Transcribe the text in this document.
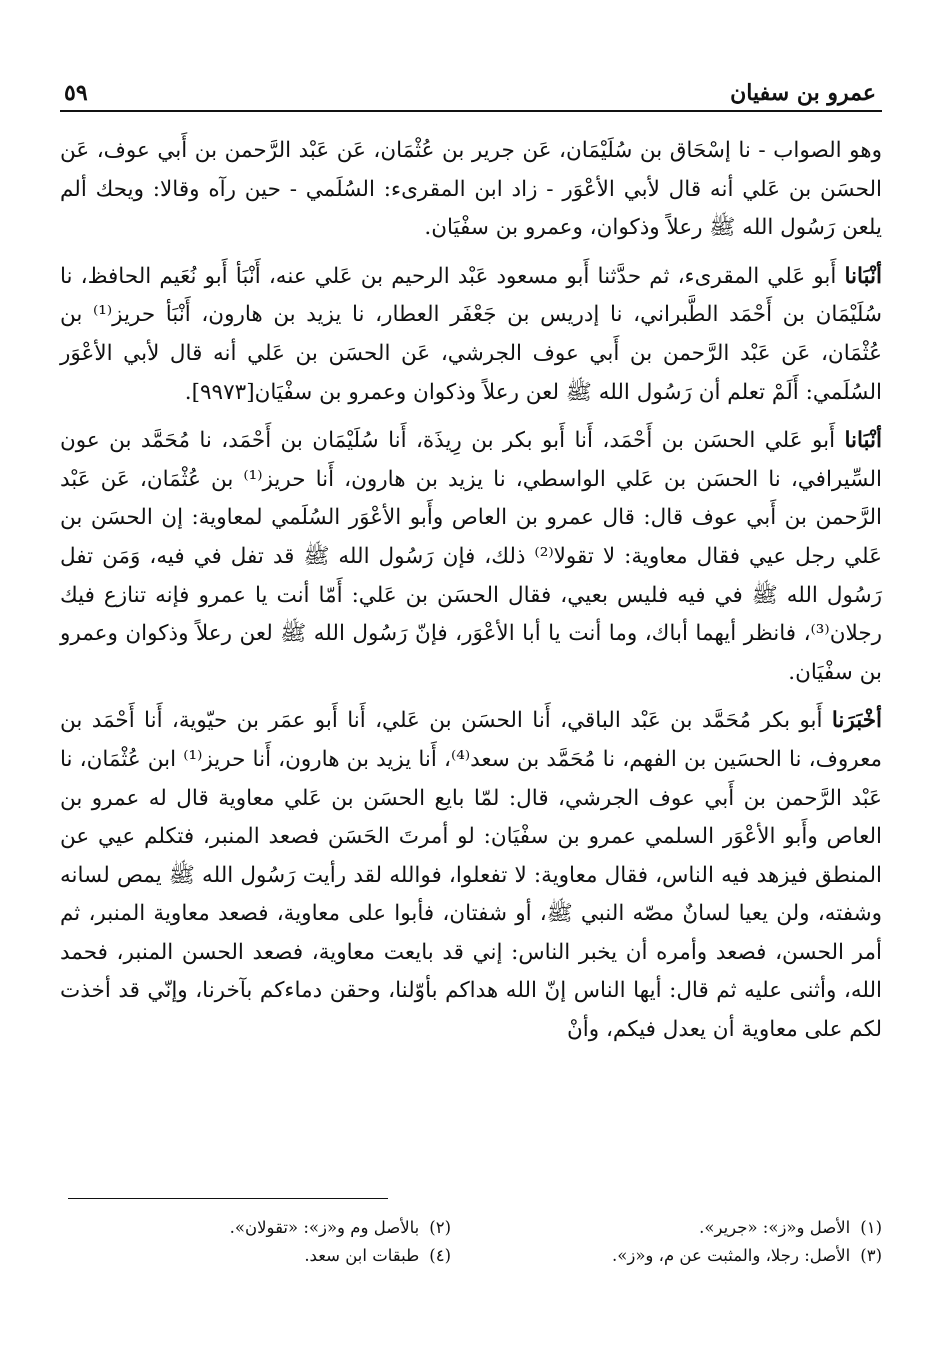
عمرو بن سفيان
٥٩

وهو الصواب - نا إسْحَاق بن سُلَيْمَان، عَن جرير بن عُثْمَان، عَن عَبْد الرَّحمن بن أَبي عوف، عَن الحسَن بن عَلي أنه قال لأبي الأعْوَر - زاد ابن المقرىء: السُلَمي - حين رآه وقالا: ويحك ألم يلعن رَسُول الله ﷺ رعلاً وذكوان، وعمرو بن سفْيَان.

أنْبَانا أَبو عَلي المقرىء، ثم حدَّثنا أَبو مسعود عَبْد الرحيم بن عَلي عنه، أَنْبَأ أَبو نُعَيم الحافظ، نا سُلَيْمَان بن أَحْمَد الطَّبراني، نا إدريس بن جَعْفَر العطار، نا يزيد بن هارون، أَنْبَأ حريز⁽¹⁾ بن عُثْمَان، عَن عَبْد الرَّحمن بن أَبي عوف الجرشي، عَن الحسَن بن عَلي أنه قال لأبي الأعْوَر السُلَمي: أَلَمْ تعلم أن رَسُول الله ﷺ لعن رعلاً وذكوان وعمرو بن سفْيَان[٩٩٧٣].

أنْبَانا أَبو عَلي الحسَن بن أَحْمَد، أَنا أَبو بكر بن رِيذَة، أَنا سُلَيْمَان بن أَحْمَد، نا مُحَمَّد بن عون السِّيرافي، نا الحسَن بن عَلي الواسطي، نا يزيد بن هارون، أَنا حريز⁽¹⁾ بن عُثْمَان، عَن عَبْد الرَّحمن بن أَبي عوف قال: قال عمرو بن العاص وأَبو الأعْوَر السُلَمي لمعاوية: إن الحسَن بن عَلي رجل عيي فقال معاوية: لا تقولا⁽²⁾ ذلك، فإن رَسُول الله ﷺ قد تفل في فيه، وَمَن تفل رَسُول الله ﷺ في فيه فليس بعيي، فقال الحسَن بن عَلي: أَمّا أنت يا عمرو فإنه تنازع فيك رجلان⁽³⁾، فانظر أيهما أباك، وما أنت يا أبا الأعْوَر، فإنّ رَسُول الله ﷺ لعن رعلاً وذكوان وعمرو بن سفْيَان.

أخْبَرَنا أَبو بكر مُحَمَّد بن عَبْد الباقي، أَنا الحسَن بن عَلي، أَنا أَبو عمَر بن حيّوية، أَنا أَحْمَد بن معروف، نا الحسَين بن الفهم، نا مُحَمَّد بن سعد⁽⁴⁾، أَنا يزيد بن هارون، أَنا حريز⁽¹⁾ ابن عُثْمَان، نا عَبْد الرَّحمن بن أَبي عوف الجرشي، قال: لمّا بايع الحسَن بن عَلي معاوية قال له عمرو بن العاص وأَبو الأعْوَر السلمي عمرو بن سفْيَان: لو أمرتَ الحَسَن فصعد المنبر، فتكلم عيي عن المنطق فيزهد فيه الناس، فقال معاوية: لا تفعلوا، فوالله لقد رأيت رَسُول الله ﷺ يمص لسانه وشفته، ولن يعيا لسانٌ مصّه النبي ﷺ، أو شفتان، فأبوا على معاوية، فصعد معاوية المنبر، ثم أمر الحسن، فصعد وأمره أن يخبر الناس: إني قد بايعت معاوية، فصعد الحسن المنبر، فحمد الله، وأثنى عليه ثم قال: أيها الناس إنّ الله هداكم بأوّلنا، وحقن دماءكم بآخرنا، وإنّي قد أخذت لكم على معاوية أن يعدل فيكم، وأنْ

(١)الأصل و«ز»: «جرير».
(٢)بالأصل وم و«ز»: «تقولان».
(٣)الأصل: رجلا، والمثبت عن م، و«ز».
(٤)طبقات ابن سعد.
